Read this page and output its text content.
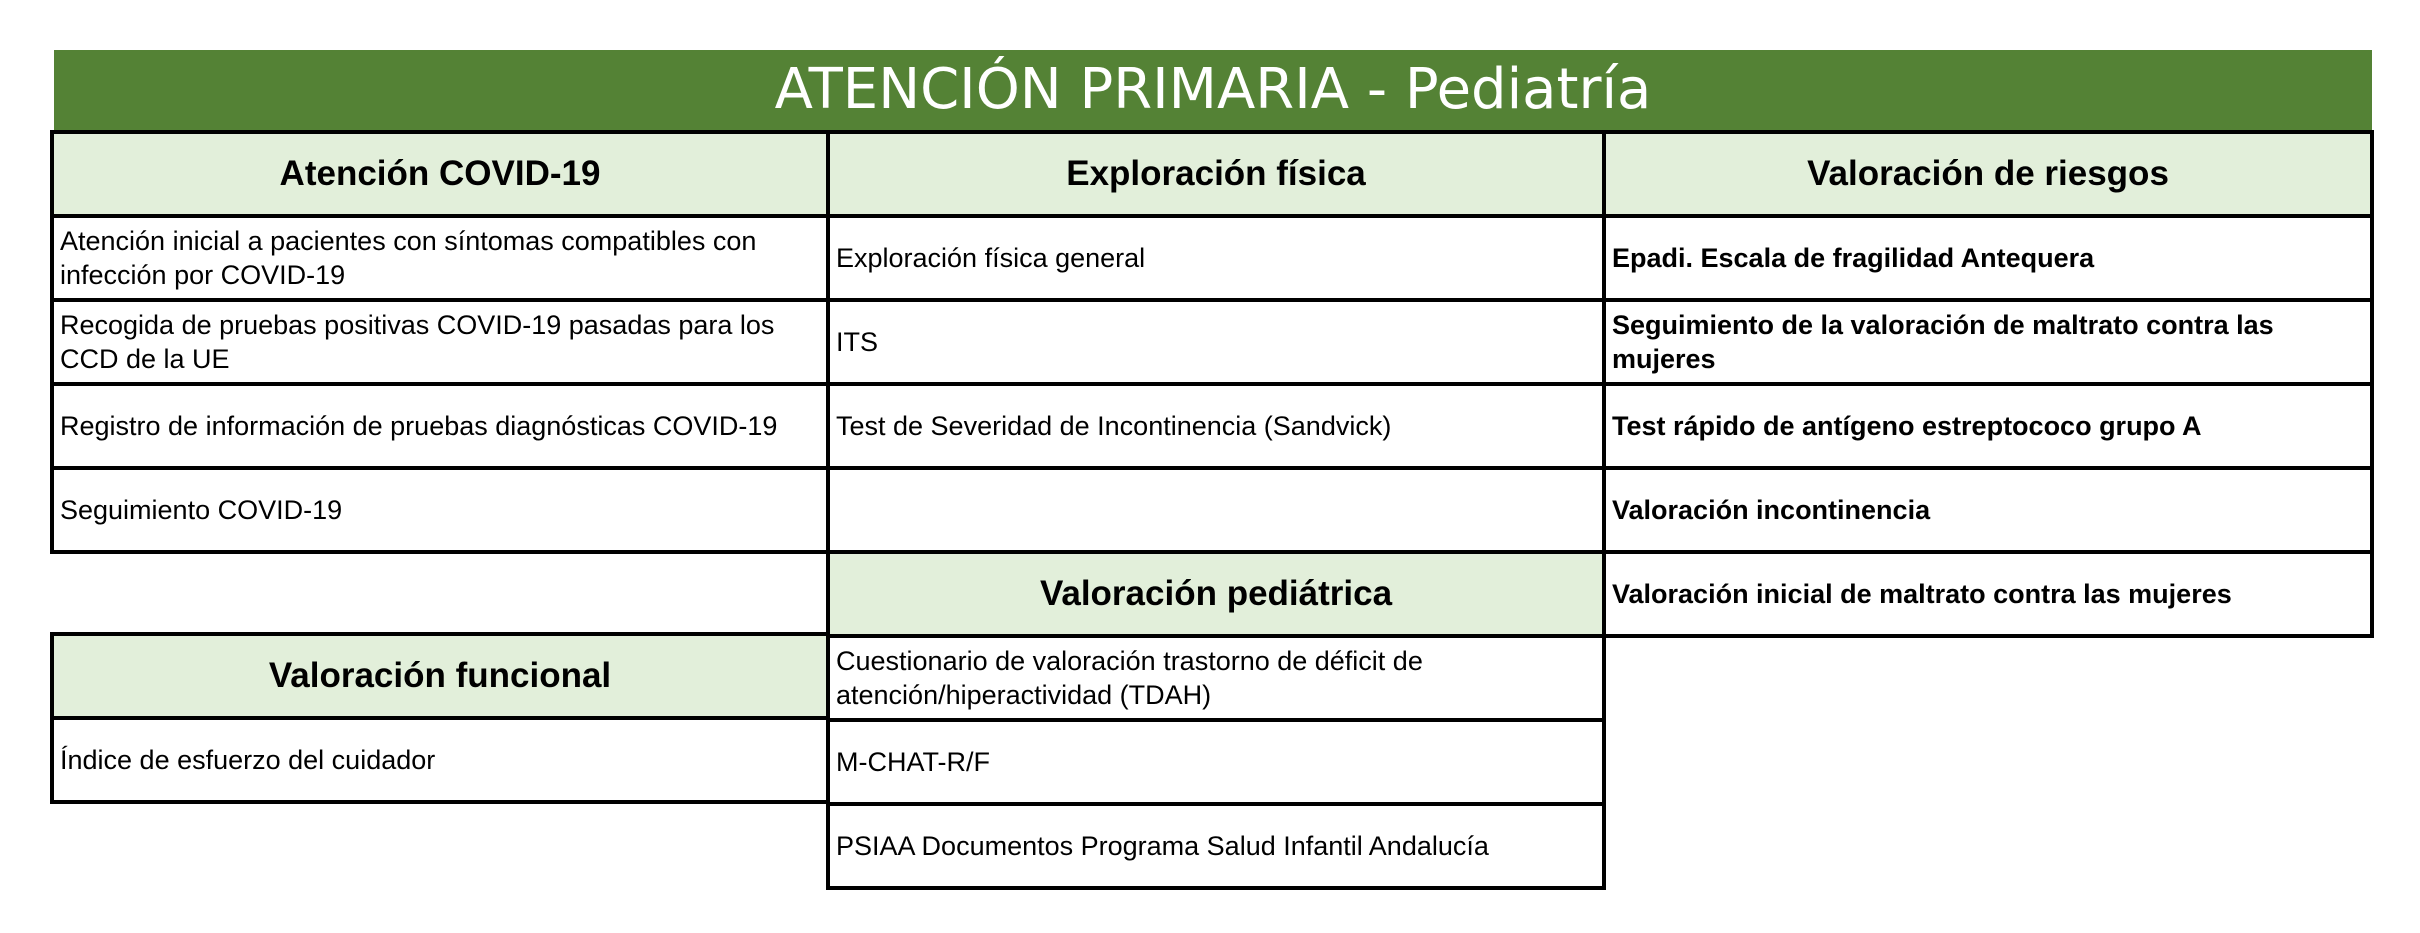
ATENCIÓN PRIMARIA - Pediatría
Atención COVID-19
Atención inicial a pacientes con síntomas compatibles con infección por COVID-19
Recogida de pruebas positivas COVID-19 pasadas para los CCD de la UE
Registro de información de pruebas diagnósticas COVID-19
Seguimiento COVID-19
Valoración funcional
Índice de esfuerzo del cuidador
Exploración física
Exploración física general
ITS
Test de Severidad de Incontinencia (Sandvick)
Valoración pediátrica
Cuestionario de valoración trastorno de déficit de atención/hiperactividad (TDAH)
M-CHAT-R/F
PSIAA Documentos Programa Salud Infantil Andalucía
Valoración de riesgos
Epadi. Escala de fragilidad Antequera
Seguimiento de la valoración de maltrato contra las mujeres
Test rápido de antígeno estreptococo grupo A
Valoración incontinencia
Valoración inicial de maltrato contra las mujeres
